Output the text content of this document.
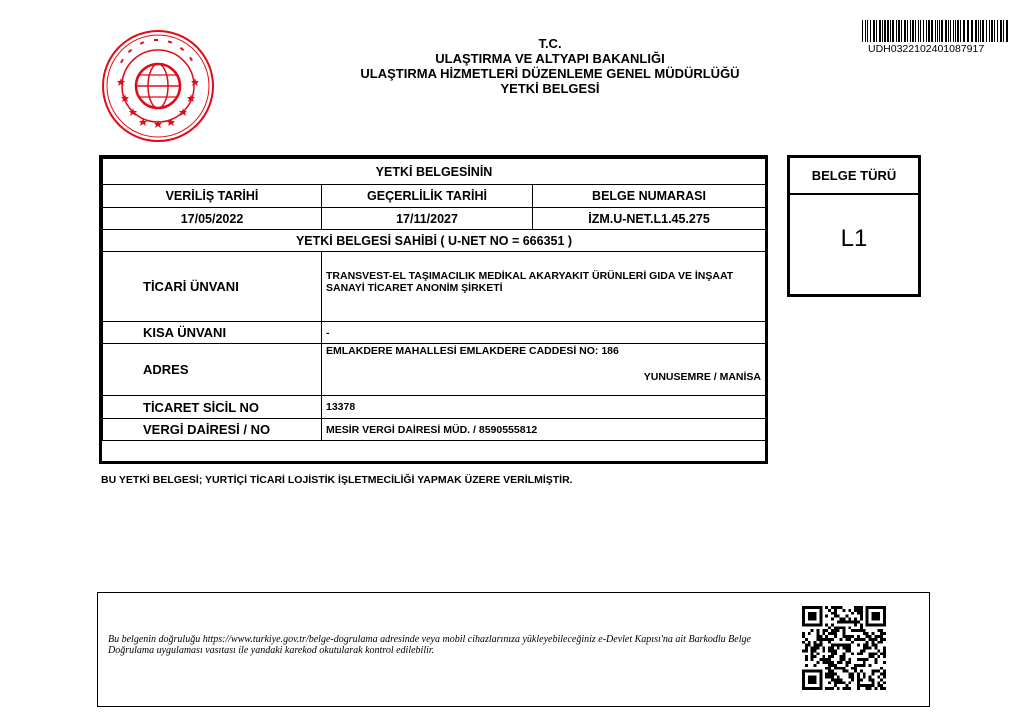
T.C.
ULAŞTIRMA VE ALTYAPI BAKANLIĞI
ULAŞTIRMA HİZMETLERİ DÜZENLEME GENEL MÜDÜRLÜĞÜ
YETKİ BELGESİ
UDH0322102401087917
YETKİ BELGESİNİN		
VERİLİŞ TARİHİ	GEÇERLİLİK TARİHİ	BELGE NUMARASI
17/05/2022	17/11/2027	İZM.U-NET.L1.45.275
YETKİ BELGESİ SAHİBİ ( U-NET NO = 666351 )		
TİCARİ ÜNVANI	TRANSVEST-EL TAŞIMACILIK MEDİKAL AKARYAKIT ÜRÜNLERİ GIDA VE İNŞAAT SANAYİ TİCARET ANONİM ŞİRKETİ
KISA ÜNVANI	-
ADRES	EMLAKDERE MAHALLESİ EMLAKDERE CADDESİ NO: 186
YUNUSEMRE / MANİSA

TİCARET SİCİL NO	13378
VERGİ DAİRESİ / NO	MESİR VERGİ DAİRESİ MÜD. / 8590555812
BELGE TÜRÜ
L1
BU YETKİ BELGESİ; YURTİÇİ TİCARİ LOJİSTİK İŞLETMECİLİĞİ YAPMAK ÜZERE VERİLMİŞTİR.
Bu belgenin doğruluğu https://www.turkiye.gov.tr/belge-dogrulama adresinde veya mobil cihazlarınıza yükleyebileceğiniz e-Devlet Kapısı'na ait Barkodlu Belge Doğrulama uygulaması vasıtası ile yandaki karekod okutularak kontrol edilebilir.
